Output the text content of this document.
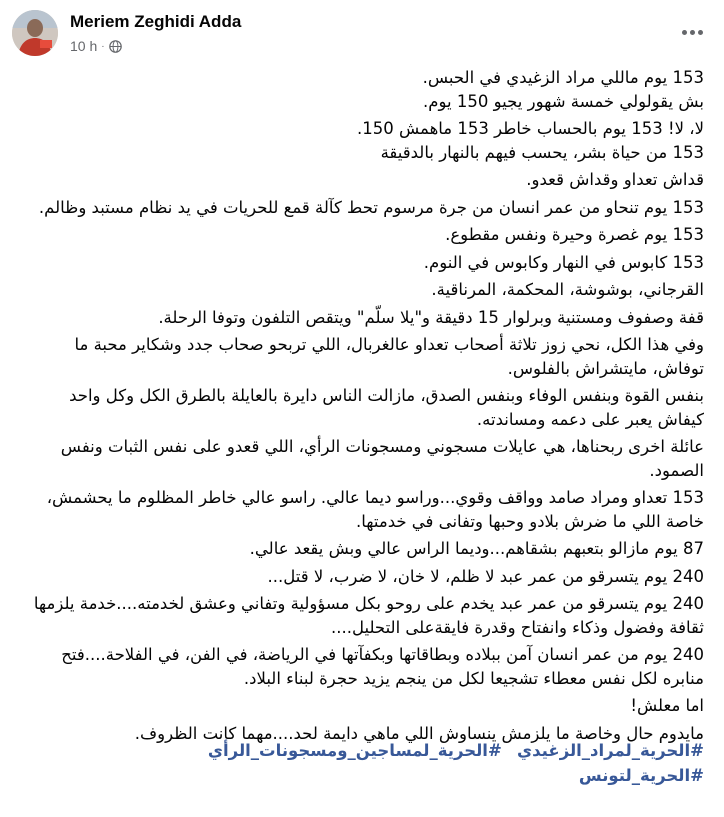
Meriem Zeghidi Adda
10 h ·

153 يوم ماللي مراد الزغيدي في الحبس.

بش يقولولي خمسة شهور يجيو 150 يوم.

لا، لا! 153 يوم بالحساب خاطر 153 ماهمش 150.

153 من حياة بشر، يحسب فيهم بالنهار بالدقيقة

قداش تعداو وقداش قعدو.

153 يوم تنحاو من عمر انسان من جرة مرسوم تحط كآلة قمع للحريات في يد نظام مستبد وظالم.

153 يوم غصرة وحيرة ونفس مقطوع.

153 كابوس في النهار وكابوس في النوم.

القرجاني، بوشوشة، المحكمة، المرناقية.

قفة وصفوف ومستنية وبرلوار 15 دقيقة و"يلا سلّم" ويتقص التلفون وتوفا الرحلة.

وفي هذا الكل، نحي زوز تلاثة أصحاب تعداو عالغربال، اللي تربحو صحاب جدد وشكاير محبة ما توفاش، مايتشراش بالفلوس.

بنفس القوة وبنفس الوفاء وبنفس الصدق، مازالت الناس دايرة بالعايلة بالطرق الكل وكل واحد كيفاش يعبر على دعمه ومساندته.

عائلة اخرى ربحناها، هي عايلات مسجوني ومسجونات الرأي، اللي قعدو على نفس الثبات ونفس الصمود.

153 تعداو ومراد صامد وواقف وقوي...وراسو ديما عالي. راسو عالي خاطر المظلوم ما يحشمش، خاصة اللي ما ضرش بلادو وحبها وتفانى في خدمتها.

87 يوم مازالو بتعبهم بشقاهم...وديما الراس عالي وبش يقعد عالي.

240 يوم يتسرقو من عمر عبد لا ظلم، لا خان، لا ضرب، لا قتل...

240 يوم يتسرقو من عمر عبد يخدم على روحو بكل مسؤولية وتفاني وعشق لخدمته....خدمة يلزمها ثقافة وفضول وذكاء وانفتاح وقدرة فايقةعلى التحليل....

240 يوم من عمر انسان آمن ببلاده وبطاقاتها وبكفآتها في الرياضة، في الفن، في الفلاحة....فتح منابره لكل نفس معطاء تشجيعا لكل من ينجم يزيد حجرة لبناء البلاد.

اما معلش!

مايدوم حال وخاصة ما يلزمش ينساوش اللي ماهي دايمة لحد....مهما كانت الظروف.

#الحرية_لمراد_الزغيدي #الحرية_لمساجين_ومسجونات_الرأي
#الحرية_لتونس
